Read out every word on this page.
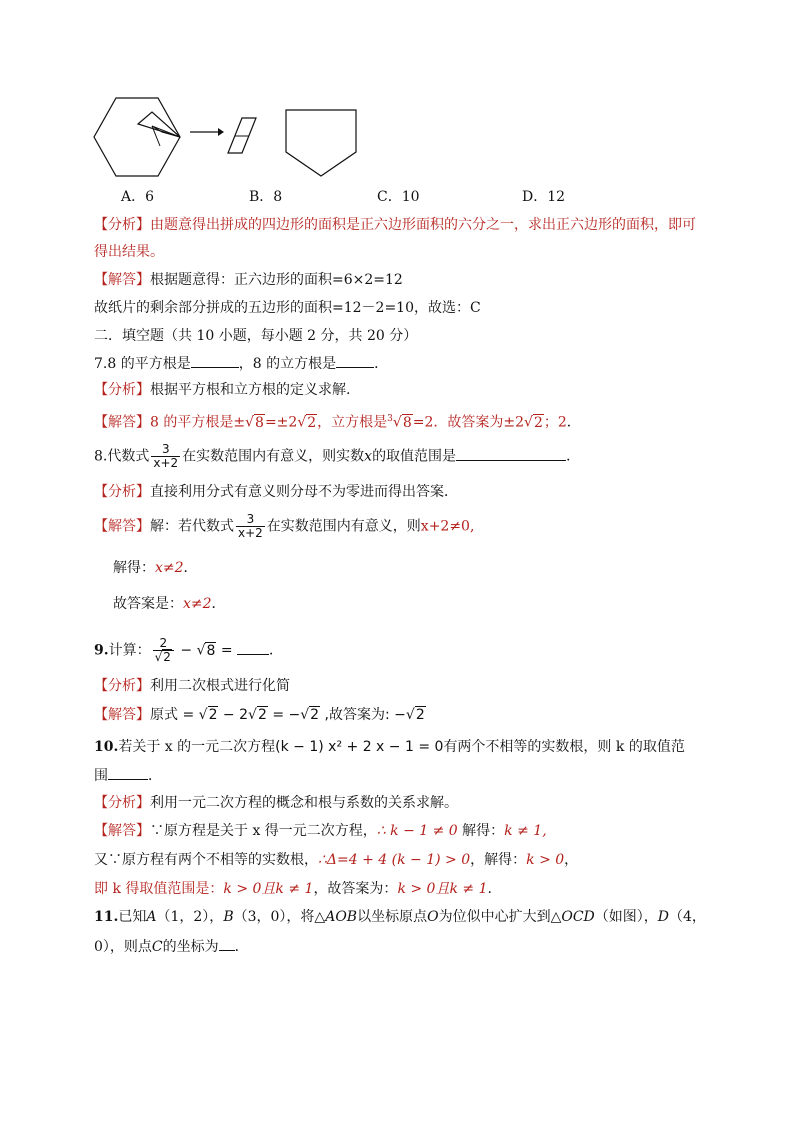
A．6	B．8	C．10	D．12
【分析】由题意得出拼成的四边形的面积是正六边形面积的六分之一，求出正六边形的面积，即可
得出结果。
【解答】根据题意得：正六边形的面积=6×2=12
故纸片的剩余部分拼成的五边形的面积=12－2=10，故选：C
二．填空题（共 10 小题，每小题 2 分，共 20 分）
7.8 的平方根是	，8 的立方根是	．
【分析】根据平方根和立方根的定义求解.
【解答】8 的平方根是±√8=±2√2，立方根是$^3$√8=2．故答案为±2√2；2．
8.代数式 $\frac{3}{x+2}$ 在实数范围内有意义，则实数x的取值范围是	．
【分析】直接利用分式有意义则分母不为零进而得出答案．
【解答】解：若代数式 $\frac{3}{x+2}$ 在实数范围内有意义，则x+2≠0,
解得：x≠2．
故答案是：x≠2．
9.计算： $\frac{2}{√2} - √8$ = ．
【分析】利用二次根式进行化简
【解答】原式 = √2 − 2√2 = −√2 ,故答案为: −√2
10.若关于 x 的一元二次方程(k − 1) x² + 2 x − 1 = 0有两个不相等的实数根，则 k 的取值范
围	．
【分析】利用一元二次方程的概念和根与系数的关系求解。
【解答】∵原方程是关于 x 得一元二次方程，∴ k − 1 ≠ 0 解得：k ≠ 1,
又∵原方程有两个不相等的实数根，∴Δ=4 + 4 (k − 1) > 0，解得：k > 0，
即 k 得取值范围是：k > 0且k ≠ 1，故答案为：k > 0且k ≠ 1.
11.已知A（1，2），B（3，0），将△AOB以坐标原点O为位似中心扩大到△OCD（如图），D（4，
0），则点C的坐标为 ．
